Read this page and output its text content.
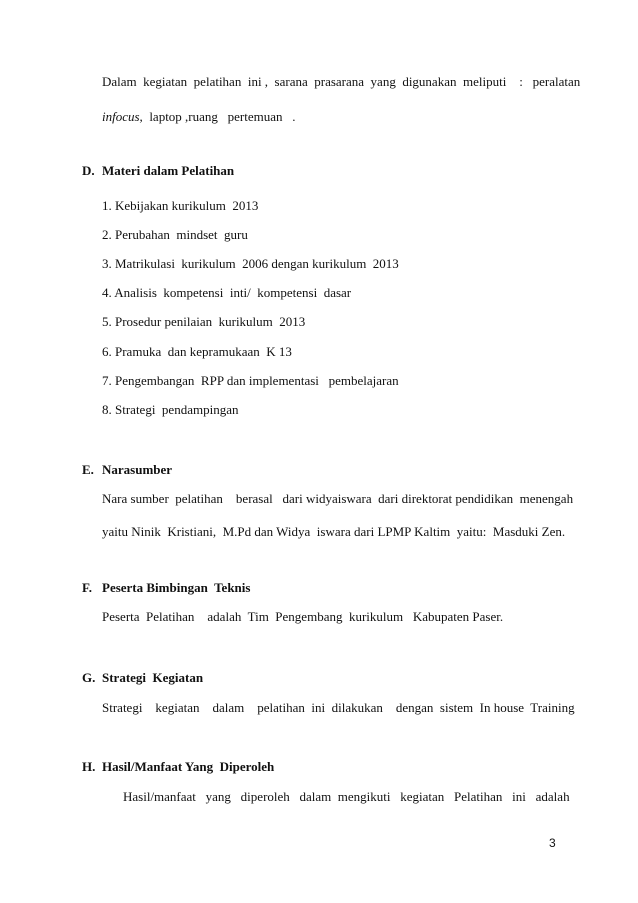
Dalam  kegiatan  pelatihan  ini ,  sarana  prasarana  yang  digunakan  meliputi    :   peralatan
infocus,  laptop ,ruang   pertemuan   .
D. Materi dalam Pelatihan
1. Kebijakan kurikulum  2013
2. Perubahan  mindset  guru
3. Matrikulasi  kurikulum  2006 dengan kurikulum  2013
4. Analisis  kompetensi  inti/  kompetensi  dasar
5. Prosedur penilaian  kurikulum  2013
6. Pramuka  dan kepramukaan  K 13
7. Pengembangan  RPP dan implementasi   pembelajaran
8. Strategi  pendampingan
E. Narasumber
Nara sumber  pelatihan    berasal   dari widyaiswara  dari direktorat pendidikan  menengah
yaitu Ninik  Kristiani,  M.Pd dan Widya  iswara dari LPMP Kaltim  yaitu:  Masduki Zen.
F. Peserta Bimbingan  Teknis
Peserta  Pelatihan    adalah  Tim  Pengembang  kurikulum   Kabupaten Paser.
G. Strategi  Kegiatan
Strategi    kegiatan    dalam    pelatihan  ini  dilakukan    dengan  sistem  In house  Training
H. Hasil/Manfaat Yang  Diperoleh
Hasil/manfaat   yang   diperoleh   dalam  mengikuti   kegiatan   Pelatihan   ini   adalah
3
